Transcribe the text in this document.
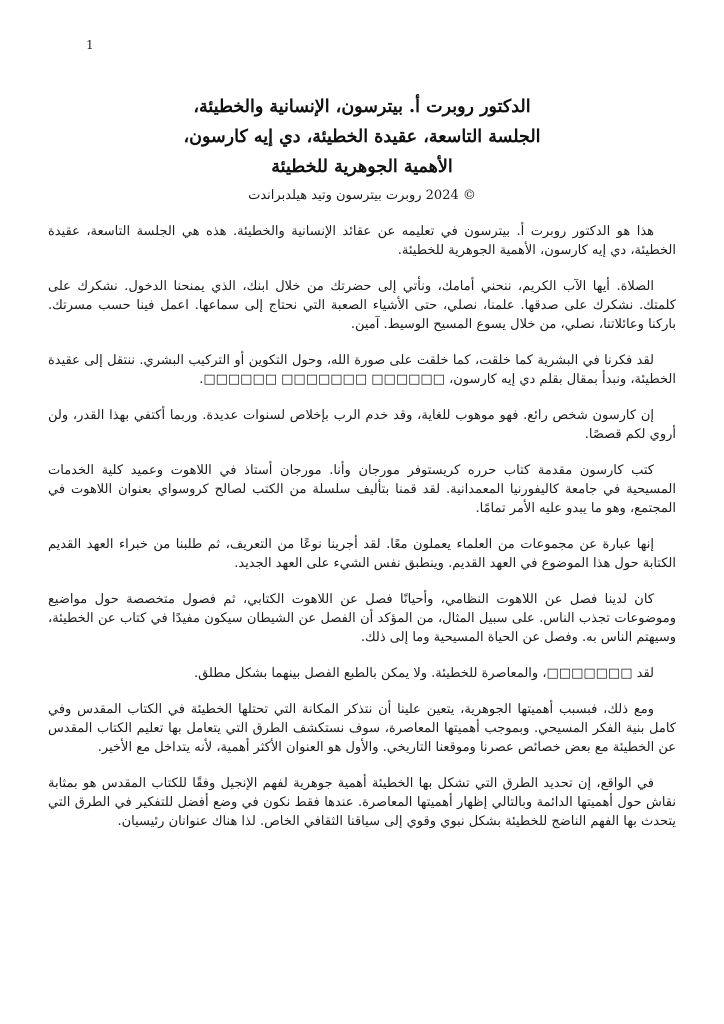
1
الدكتور روبرت أ. بيترسون، الإنسانية والخطيئة،
الجلسة التاسعة، عقيدة الخطيئة، دي إيه كارسون،
الأهمية الجوهرية للخطيئة
© 2024 روبرت بيترسون وتيد هيلدبراندت

هذا هو الدكتور روبرت أ. بيترسون في تعليمه عن عقائد الإنسانية والخطيئة. هذه هي الجلسة التاسعة، عقيدة الخطيئة، دي إيه كارسون، الأهمية الجوهرية للخطيئة.

الصلاة. أيها الآب الكريم، ننحني أمامك، ونأتي إلى حضرتك من خلال ابنك، الذي يمنحنا الدخول. نشكرك على كلمتك. نشكرك على صدقها. علمنا، نصلي، حتى الأشياء الصعبة التي نحتاج إلى سماعها. اعمل فينا حسب مسرتك. باركنا وعائلاتنا، نصلي، من خلال يسوع المسيح الوسيط. آمين.

لقد فكرنا في البشرية كما خلقت، كما خلقت على صورة الله، وحول التكوين أو التركيب البشري. ننتقل إلى عقيدة الخطيئة، ونبدأ بمقال بقلم دي إيه كارسون، □□□□□□ □□□□□□□ □□□□□□.

إن كارسون شخص رائع. فهو موهوب للغاية، وقد خدم الرب بإخلاص لسنوات عديدة. وربما أكتفي بهذا القدر، ولن أروي لكم قصصًا.

كتب كارسون مقدمة كتاب حرره كريستوفر مورجان وأنا. مورجان أستاذ في اللاهوت وعميد كلية الخدمات المسيحية في جامعة كاليفورنيا المعمدانية. لقد قمنا بتأليف سلسلة من الكتب لصالح كروسواي بعنوان اللاهوت في المجتمع، وهو ما يبدو عليه الأمر تمامًا.

إنها عبارة عن مجموعات من العلماء يعملون معًا. لقد أجرينا نوعًا من التعريف، ثم طلبنا من خبراء العهد القديم الكتابة حول هذا الموضوع في العهد القديم. وينطبق نفس الشيء على العهد الجديد.

كان لدينا فصل عن اللاهوت النظامي، وأحيانًا فصل عن اللاهوت الكتابي، ثم فصول متخصصة حول مواضيع وموضوعات تجذب الناس. على سبيل المثال، من المؤكد أن الفصل عن الشيطان سيكون مفيدًا في كتاب عن الخطيئة، وسيهتم الناس به. وفصل عن الحياة المسيحية وما إلى ذلك.

لقد □□□□□□□، والمعاصرة للخطيئة. ولا يمكن بالطبع الفصل بينهما بشكل مطلق.

ومع ذلك، فبسبب أهميتها الجوهرية، يتعين علينا أن نتذكر المكانة التي تحتلها الخطيئة في الكتاب المقدس وفي كامل بنية الفكر المسيحي. وبموجب أهميتها المعاصرة، سوف نستكشف الطرق التي يتعامل بها تعليم الكتاب المقدس عن الخطيئة مع بعض خصائص عصرنا وموقعنا التاريخي. والأول هو العنوان الأكثر أهمية، لأنه يتداخل مع الأخير.

في الواقع، إن تحديد الطرق التي تشكل بها الخطيئة أهمية جوهرية لفهم الإنجيل وفقًا للكتاب المقدس هو بمثابة نقاش حول أهميتها الدائمة وبالتالي إظهار أهميتها المعاصرة. عندها فقط نكون في وضع أفضل للتفكير في الطرق التي يتحدث بها الفهم الناضج للخطيئة بشكل نبوي وقوي إلى سياقنا الثقافي الخاص. لذا هناك عنوانان رئيسيان.
